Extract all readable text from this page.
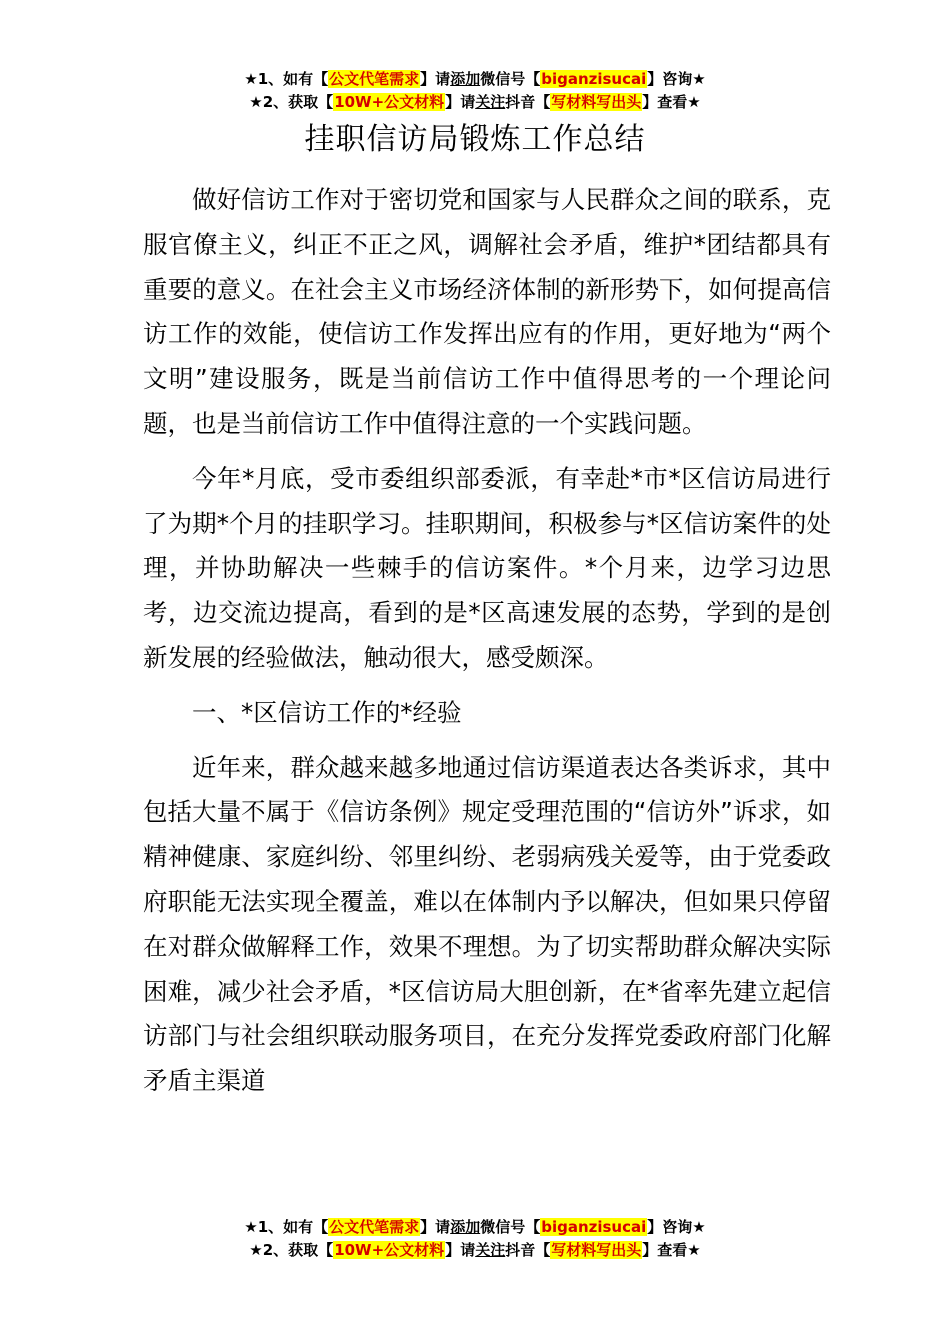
★1、如有【公文代笔需求】请添加微信号【biganzisucai】咨询★
★2、获取【10W+公文材料】请关注抖音【写材料写出头】查看★
挂职信访局锻炼工作总结

做好信访工作对于密切党和国家与人民群众之间的联系，克服官僚主义，纠正不正之风，调解社会矛盾，维护*团结都具有重要的意义。在社会主义市场经济体制的新形势下，如何提高信访工作的效能，使信访工作发挥出应有的作用，更好地为“两个文明”建设服务，既是当前信访工作中值得思考的一个理论问题，也是当前信访工作中值得注意的一个实践问题。

今年*月底，受市委组织部委派，有幸赴*市*区信访局进行了为期*个月的挂职学习。挂职期间，积极参与*区信访案件的处理，并协助解决一些棘手的信访案件。*个月来，边学习边思考，边交流边提高，看到的是*区高速发展的态势，学到的是创新发展的经验做法，触动很大，感受颇深。

一、*区信访工作的*经验

近年来，群众越来越多地通过信访渠道表达各类诉求，其中包括大量不属于《信访条例》规定受理范围的“信访外”诉求，如精神健康、家庭纠纷、邻里纠纷、老弱病残关爱等，由于党委政府职能无法实现全覆盖，难以在体制内予以解决，但如果只停留在对群众做解释工作，效果不理想。为了切实帮助群众解决实际困难，减少社会矛盾，*区信访局大胆创新，在*省率先建立起信访部门与社会组织联动服务项目，在充分发挥党委政府部门化解矛盾主渠道

★1、如有【公文代笔需求】请添加微信号【biganzisucai】咨询★
★2、获取【10W+公文材料】请关注抖音【写材料写出头】查看★
